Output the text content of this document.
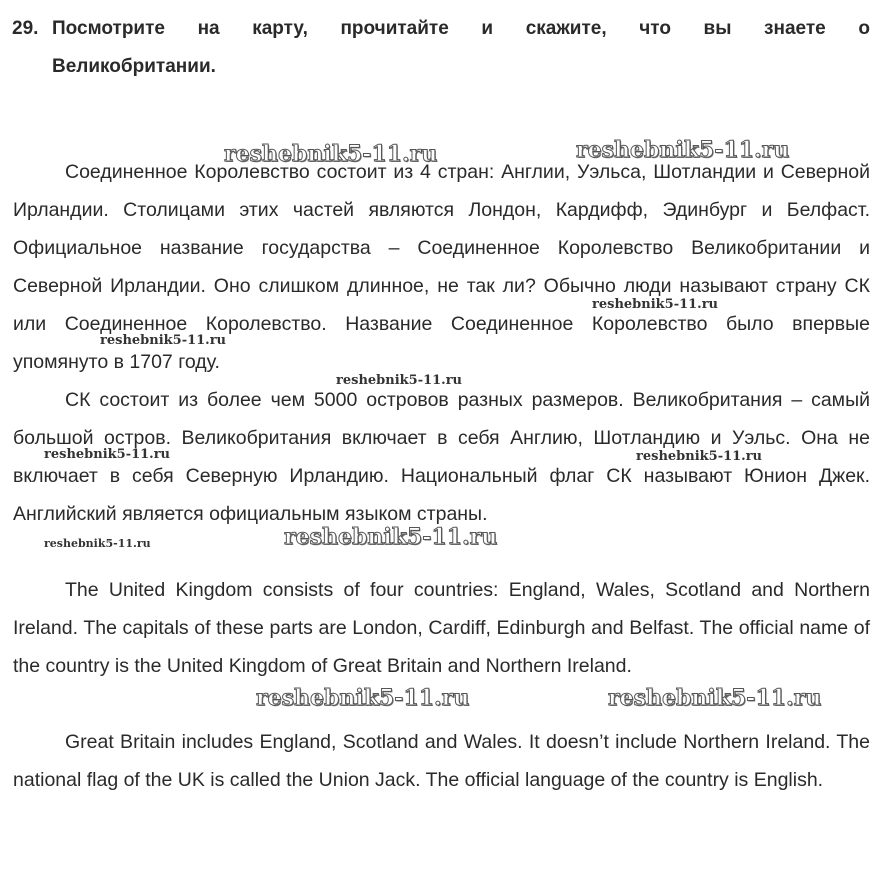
29. Посмотрите на карту, прочитайте и скажите, что вы знаете о
Великобритании.

Соединенное Королевство состоит из 4 стран: Англии, Уэльса, Шотландии и Северной Ирландии. Столицами этих частей являются Лондон, Кардифф, Эдинбург и Белфаст. Официальное название государства – Соединенное Королевство Великобритании и Северной Ирландии. Оно слишком длинное, не так ли? Обычно люди называют страну СК или Соединенное Королевство. Название Соединенное Королевство было впервые упомянуто в 1707 году.

СК состоит из более чем 5000 островов разных размеров. Великобритания – самый большой остров. Великобритания включает в себя Англию, Шотландию и Уэльс. Она не включает в себя Северную Ирландию. Национальный флаг СК называют Юнион Джек. Английский является официальным языком страны.

The United Kingdom consists of four countries: England, Wales, Scotland and Northern Ireland. The capitals of these parts are London, Cardiff, Edinburgh and Belfast. The official name of the country is the United Kingdom of Great Britain and Northern Ireland.

Great Britain includes England, Scotland and Wales. It doesn’t include Northern Ireland. The national flag of the UK is called the Union Jack. The official language of the country is English.

reshebnik5-11.ru	reshebnik5-11.ru
reshebnik5-11.ru
reshebnik5-11.ru
reshebnik5-11.ru
reshebnik5-11.ru	reshebnik5-11.ru
reshebnik5-11.ru	reshebnik5-11.ru
reshebnik5-11.ru	reshebnik5-11.ru
